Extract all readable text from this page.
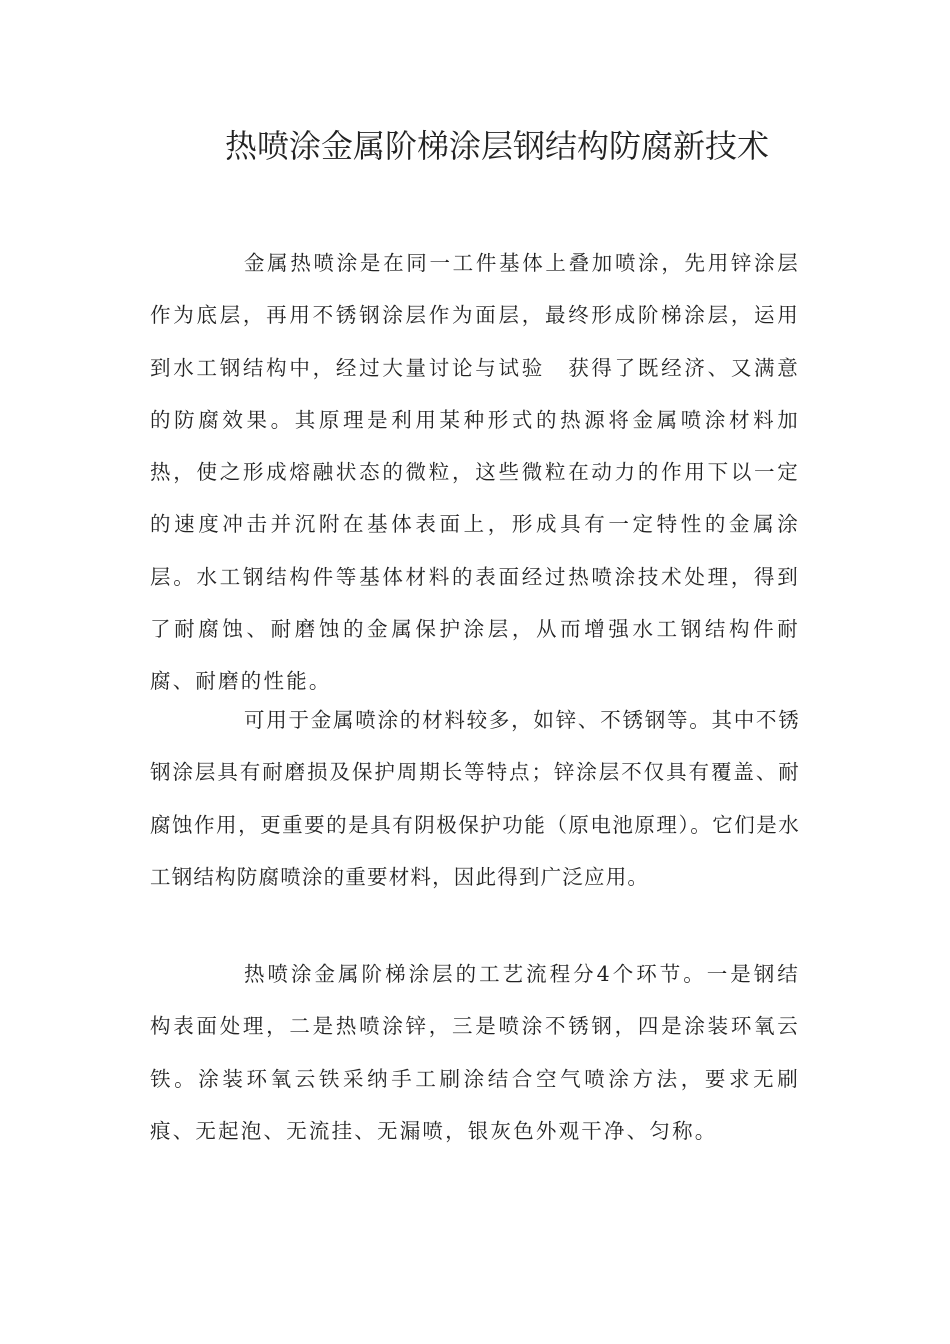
热喷涂金属阶梯涂层钢结构防腐新技术

金属热喷涂是在同一工件基体上叠加喷涂，先用锌涂层作为底层，再用不锈钢涂层作为面层，最终形成阶梯涂层，运用到水工钢结构中，经过大量讨论与试验　获得了既经济、又满意的防腐效果。其原理是利用某种形式的热源将金属喷涂材料加热，使之形成熔融状态的微粒，这些微粒在动力的作用下以一定的速度冲击并沉附在基体表面上，形成具有一定特性的金属涂层。水工钢结构件等基体材料的表面经过热喷涂技术处理，得到了耐腐蚀、耐磨蚀的金属保护涂层，从而增强水工钢结构件耐腐、耐磨的性能。

可用于金属喷涂的材料较多，如锌、不锈钢等。其中不锈钢涂层具有耐磨损及保护周期长等特点；锌涂层不仅具有覆盖、耐腐蚀作用，更重要的是具有阴极保护功能（原电池原理）。它们是水工钢结构防腐喷涂的重要材料，因此得到广泛应用。

热喷涂金属阶梯涂层的工艺流程分4个环节。一是钢结构表面处理，二是热喷涂锌，三是喷涂不锈钢，四是涂装环氧云铁。涂装环氧云铁采纳手工刷涂结合空气喷涂方法，要求无刷痕、无起泡、无流挂、无漏喷，银灰色外观干净、匀称。
